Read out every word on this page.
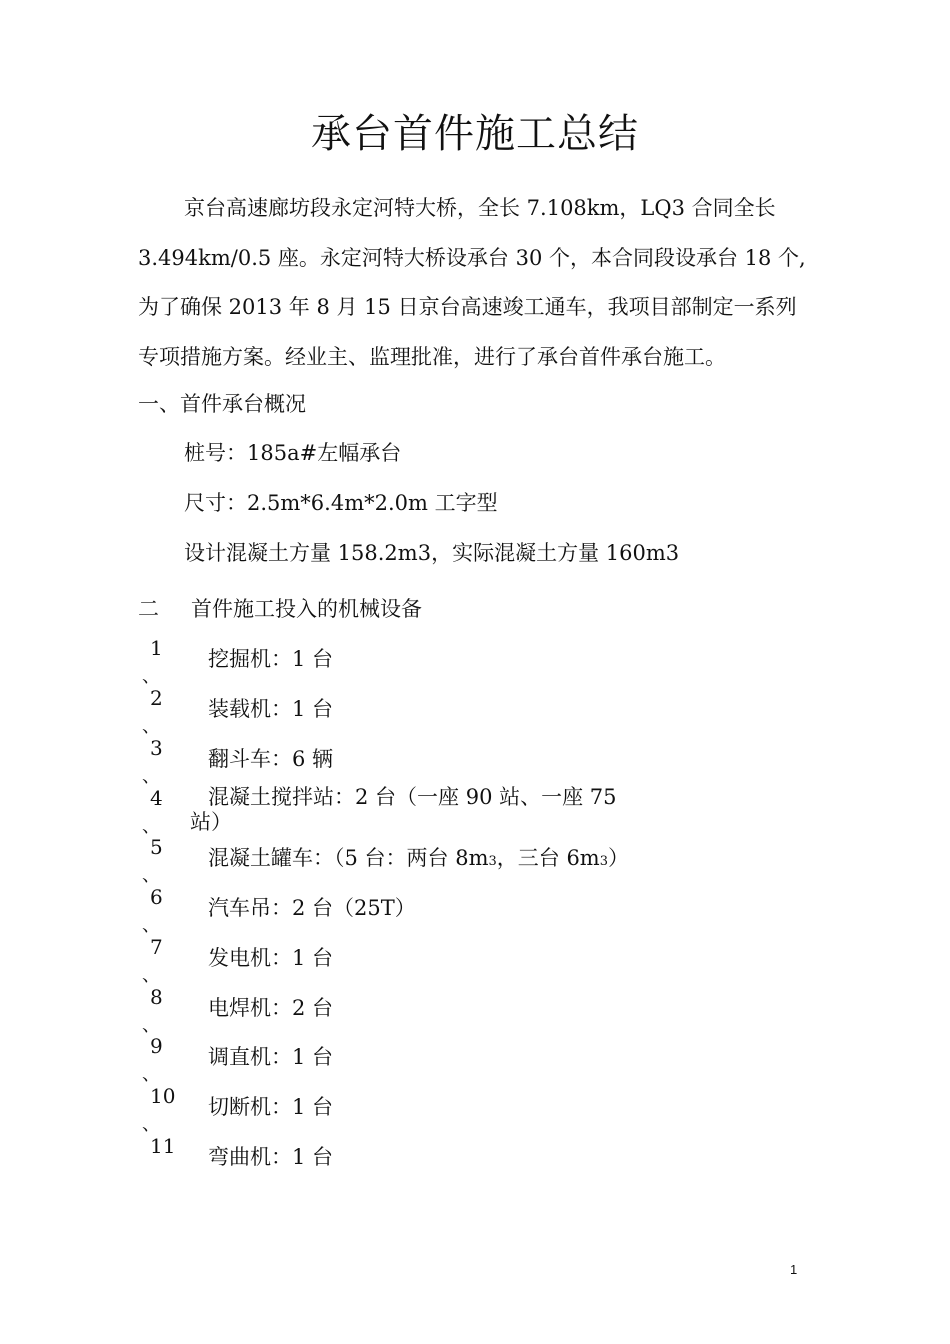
承台首件施工总结
京台高速廊坊段永定河特大桥，全长 7.108km，LQ3 合同全长
3.494km/0.5 座。永定河特大桥设承台 30 个，本合同段设承台 18 个,
为了确保 2013 年 8 月 15 日京台高速竣工通车，我项目部制定一系列
专项措施方案。经业主、监理批准，进行了承台首件承台施工。
一、首件承台概况
桩号：185a#左幅承台
尺寸：2.5m*6.4m*2.0m 工字型
设计混凝土方量 158.2m3，实际混凝土方量 160m3
二 首件施工投入的机械设备
1
、
挖掘机：1 台
2
、
装载机：1 台
3
、
翻斗车：6 辆
4
、
混凝土搅拌站：2 台（一座 90 站、一座 75
站）
5
、
混凝土罐车：（5 台：两台 8m3，三台 6m3）
6
、
汽车吊：2 台（25T）
7
、
发电机：1 台
8
、
电焊机：2 台
9
、
调直机：1 台
10
、
切断机：1 台
11 弯曲机：1 台
1
